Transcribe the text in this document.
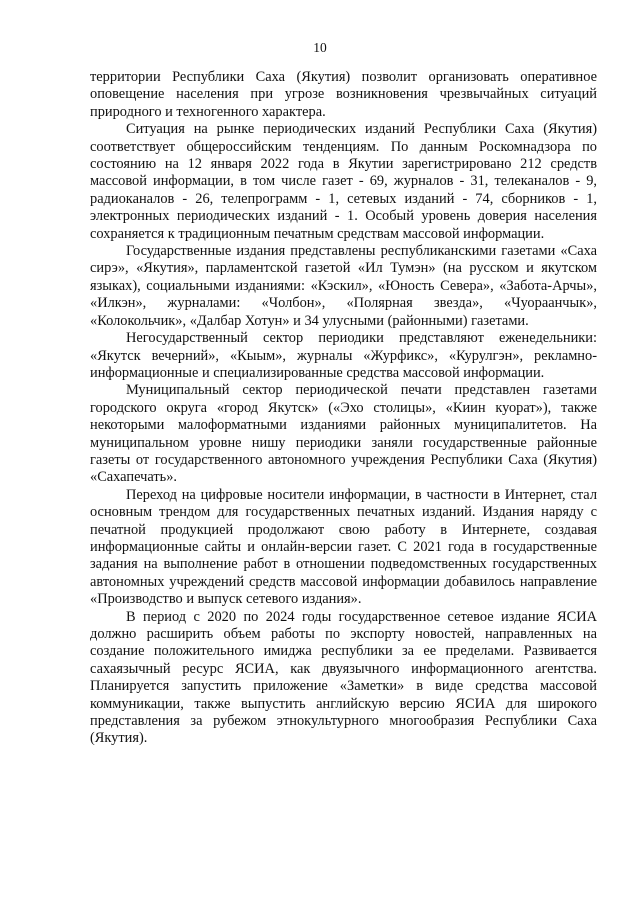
10

территории Республики Саха (Якутия) позволит организовать оперативное оповещение населения при угрозе возникновения чрезвычайных ситуаций природного и техногенного характера.

Ситуация на рынке периодических изданий Республики Саха (Якутия) соответствует общероссийским тенденциям. По данным Роскомнадзора по состоянию на 12 января 2022 года в Якутии зарегистрировано 212 средств массовой информации, в том числе газет - 69, журналов - 31, телеканалов - 9, радиоканалов - 26, телепрограмм - 1, сетевых изданий - 74, сборников - 1, электронных периодических изданий - 1. Особый уровень доверия населения сохраняется к традиционным печатным средствам массовой информации.

Государственные издания представлены республиканскими газетами «Саха сирэ», «Якутия», парламентской газетой «Ил Тумэн» (на русском и якутском языках), социальными изданиями: «Кэскил», «Юность Севера», «Забота-Арчы», «Илкэн», журналами: «Чолбон», «Полярная звезда», «Чуораанчык», «Колокольчик», «Далбар Хотун» и 34 улусными (районными) газетами.

Негосударственный сектор периодики представляют еженедельники: «Якутск вечерний», «Кыым», журналы «Журфикс», «Курулгэн», рекламно-информационные и специализированные средства массовой информации.

Муниципальный сектор периодической печати представлен газетами городского округа «город Якутск» («Эхо столицы», «Киин куорат»), также некоторыми малоформатными изданиями районных муниципалитетов. На муниципальном уровне нишу периодики заняли государственные районные газеты от государственного автономного учреждения Республики Саха (Якутия) «Сахапечать».

Переход на цифровые носители информации, в частности в Интернет, стал основным трендом для государственных печатных изданий. Издания наряду с печатной продукцией продолжают свою работу в Интернете, создавая информационные сайты и онлайн-версии газет. С 2021 года в государственные задания на выполнение работ в отношении подведомственных государственных автономных учреждений средств массовой информации добавилось направление «Производство и выпуск сетевого издания».

В период с 2020 по 2024 годы государственное сетевое издание ЯСИА должно расширить объем работы по экспорту новостей, направленных на создание положительного имиджа республики за ее пределами. Развивается сахаязычный ресурс ЯСИА, как двуязычного информационного агентства. Планируется запустить приложение «Заметки» в виде средства массовой коммуникации, также выпустить английскую версию ЯСИА для широкого представления за рубежом этнокультурного многообразия Республики Саха (Якутия).
